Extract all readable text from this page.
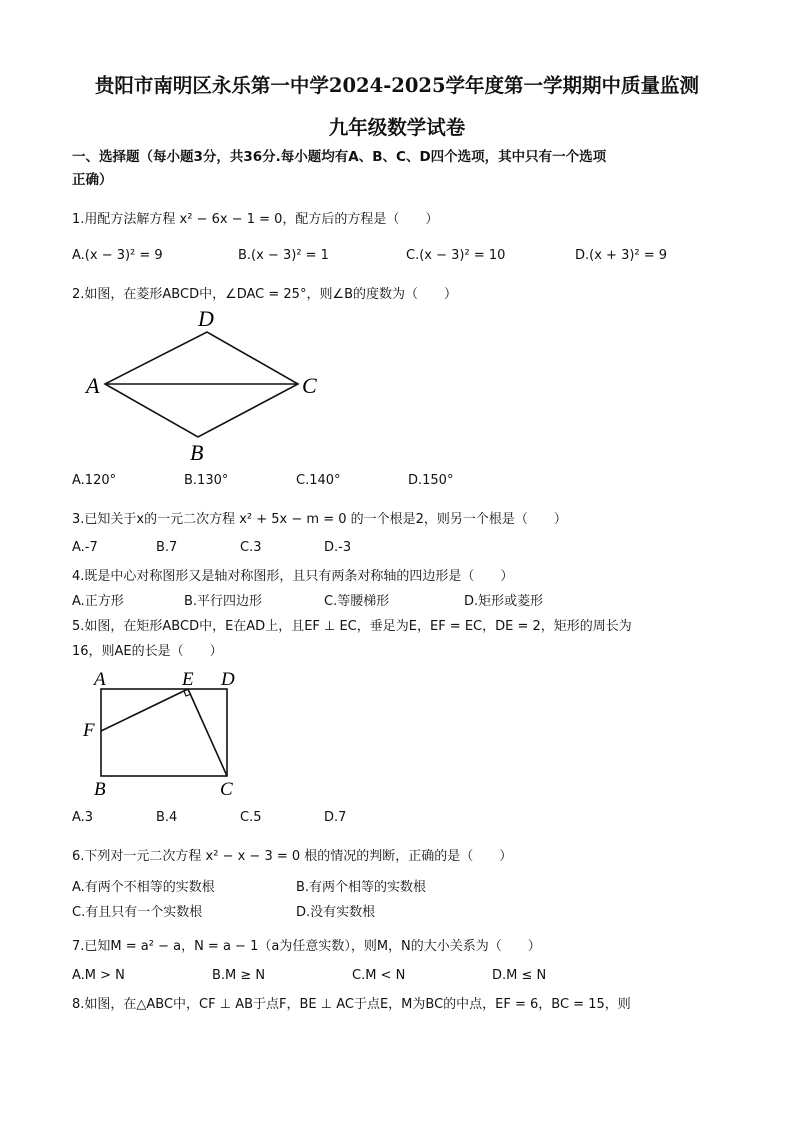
贵阳市南明区永乐第一中学2024-2025学年度第一学期期中质量监测
九年级数学试卷
一、选择题（每小题3分，共36分.每小题均有A、B、C、D四个选项，其中只有一个选项
正确）
1.用配方法解方程 x² − 6x − 1 = 0，配方后的方程是（　　）
A.(x − 3)² = 9	B.(x − 3)² = 1	C.(x − 3)² = 10	D.(x + 3)² = 9
2.如图，在菱形ABCD中，∠DAC = 25°，则∠B的度数为（　　）
D
A	C
B
A.120°	B.130°	C.140°	D.150°
3.已知关于x的一元二次方程 x² + 5x − m = 0 的一个根是2，则另一个根是（　　）
A.-7	B.7	C.3	D.-3
4.既是中心对称图形又是轴对称图形，且只有两条对称轴的四边形是（　　）
A.正方形	B.平行四边形	C.等腰梯形	D.矩形或菱形
5.如图，在矩形ABCD中，E在AD上，且EF ⊥ EC，垂足为E，EF = EC，DE = 2，矩形的周长为
16，则AE的长是（　　）
A	E D
F
B	C
A.3	B.4	C.5	D.7
6.下列对一元二次方程 x² − x − 3 = 0 根的情况的判断，正确的是（　　）
A.有两个不相等的实数根	B.有两个相等的实数根
C.有且只有一个实数根	D.没有实数根
7.已知M = a² − a，N = a − 1（a为任意实数），则M，N的大小关系为（　　）
A.M > N	B.M ≥ N	C.M < N	D.M ≤ N
8.如图，在△ABC中，CF ⊥ AB于点F，BE ⊥ AC于点E，M为BC的中点，EF = 6，BC = 15，则
